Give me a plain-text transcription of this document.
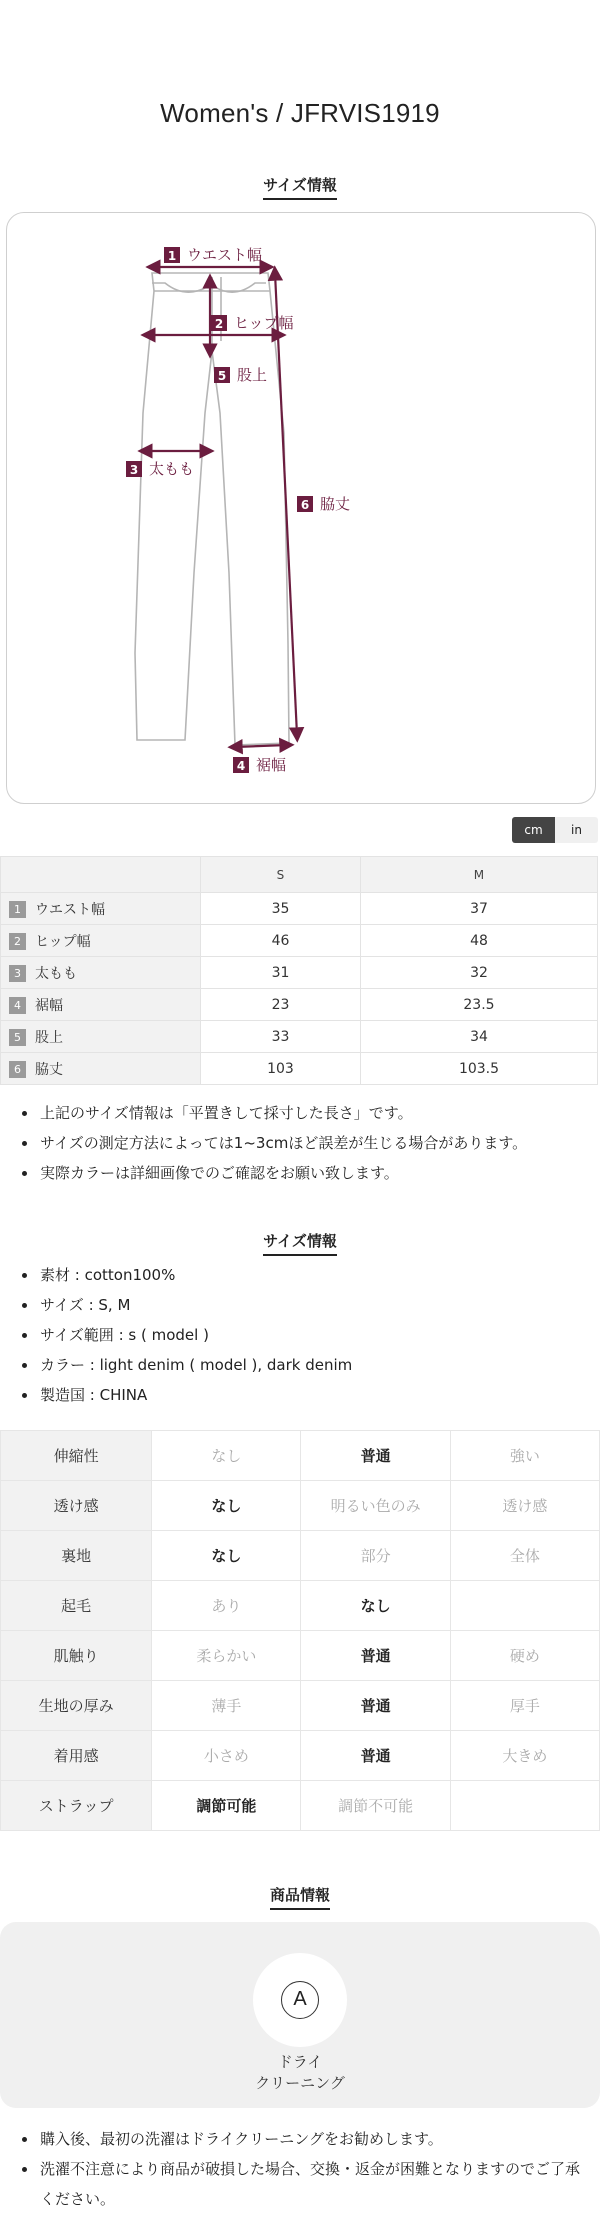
Women's / JFRVIS1919
サイズ情報
1 ウエスト幅
2 ヒップ幅
5 股上
3 太もも
6 脇丈
4 裾幅
cm	in
	S	M
1 ウエスト幅	35	37
2 ヒップ幅	46	48
3 太もも	31	32
4 裾幅	23	23.5
5 股上	33	34
6 脇丈	103	103.5
上記のサイズ情報は「平置きして採寸した長さ」です。
サイズの測定方法によっては1~3cmほど誤差が生じる場合があります。
実際カラーは詳細画像でのご確認をお願い致します。
サイズ情報
素材 : cotton100%
サイズ : S, M
サイズ範囲 : s ( model )
カラー : light denim ( model ), dark denim
製造国 : CHINA
伸縮性	なし	普通	強い
透け感	なし	明るい色のみ	透け感
裏地	なし	部分	全体
起毛	あり	なし	
肌触り	柔らかい	普通	硬め
生地の厚み	薄手	普通	厚手
着用感	小さめ	普通	大きめ
ストラップ	調節可能	調節不可能	
商品情報
A
ドライ
クリーニング
購入後、最初の洗濯はドライクリーニングをお勧めします。
洗濯不注意により商品が破損した場合、交換・返金が困難となりますのでご了承ください。
